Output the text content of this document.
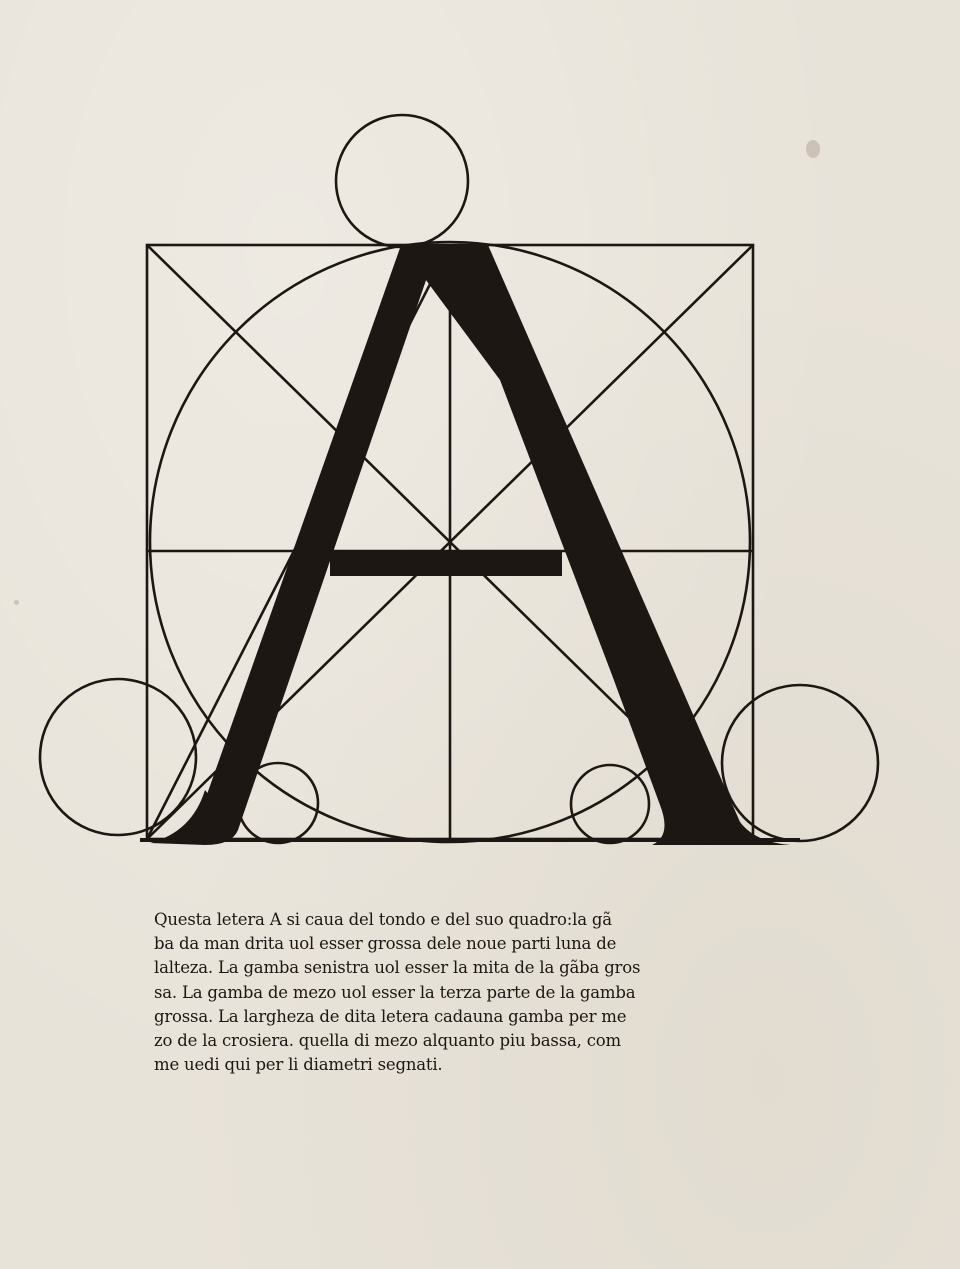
Questa letera A si caua del tondo e del suo quadro:la gã
ba da man drita uol esser grossa dele noue parti luna de
lalteza. La gamba senistra uol esser la mita de la gãba gros
sa. La gamba de mezo uol esser la terza parte de la gamba
grossa. La largheza de dita letera cadauna gamba per me
zo de la crosiera. quella di mezo alquanto piu bassa, com
me uedi qui per li diametri segnati.
